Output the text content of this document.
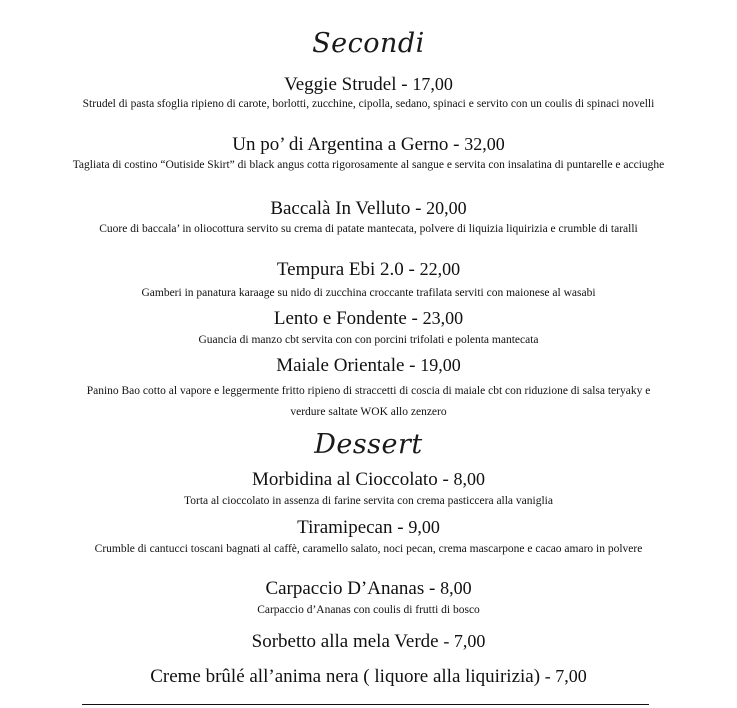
Secondi
Veggie Strudel - 17,00
Strudel di pasta sfoglia ripieno di carote, borlotti, zucchine, cipolla, sedano, spinaci e servito con un coulis di spinaci novelli
Un po’ di Argentina a Gerno - 32,00
Tagliata di costino “Outiside Skirt” di black angus cotta rigorosamente al sangue e servita con insalatina di puntarelle e acciughe
Baccalà In Velluto - 20,00
Cuore di baccala’ in oliocottura servito su crema di patate mantecata, polvere di liquizia liquirizia e crumble di taralli
Tempura Ebi 2.0 - 22,00
Gamberi in panatura karaage su nido di zucchina croccante trafilata serviti con maionese al wasabi
Lento e Fondente - 23,00
Guancia di manzo cbt servita con con porcini trifolati e polenta mantecata
Maiale Orientale - 19,00
Panino Bao cotto al vapore e leggermente fritto ripieno di straccetti di coscia di maiale cbt con riduzione di salsa teryaky e verdure saltate WOK allo zenzero
Dessert
Morbidina al Cioccolato - 8,00
Torta al cioccolato in assenza di farine servita con crema pasticcera alla vaniglia
Tiramipecan - 9,00
Crumble di cantucci toscani bagnati al caffè, caramello salato, noci pecan, crema mascarpone e cacao amaro in polvere
Carpaccio D’Ananas - 8,00
Carpaccio d’Ananas con coulis di frutti di bosco
Sorbetto alla mela Verde - 7,00
Creme brûlé all’anima nera ( liquore alla liquirizia) - 7,00
